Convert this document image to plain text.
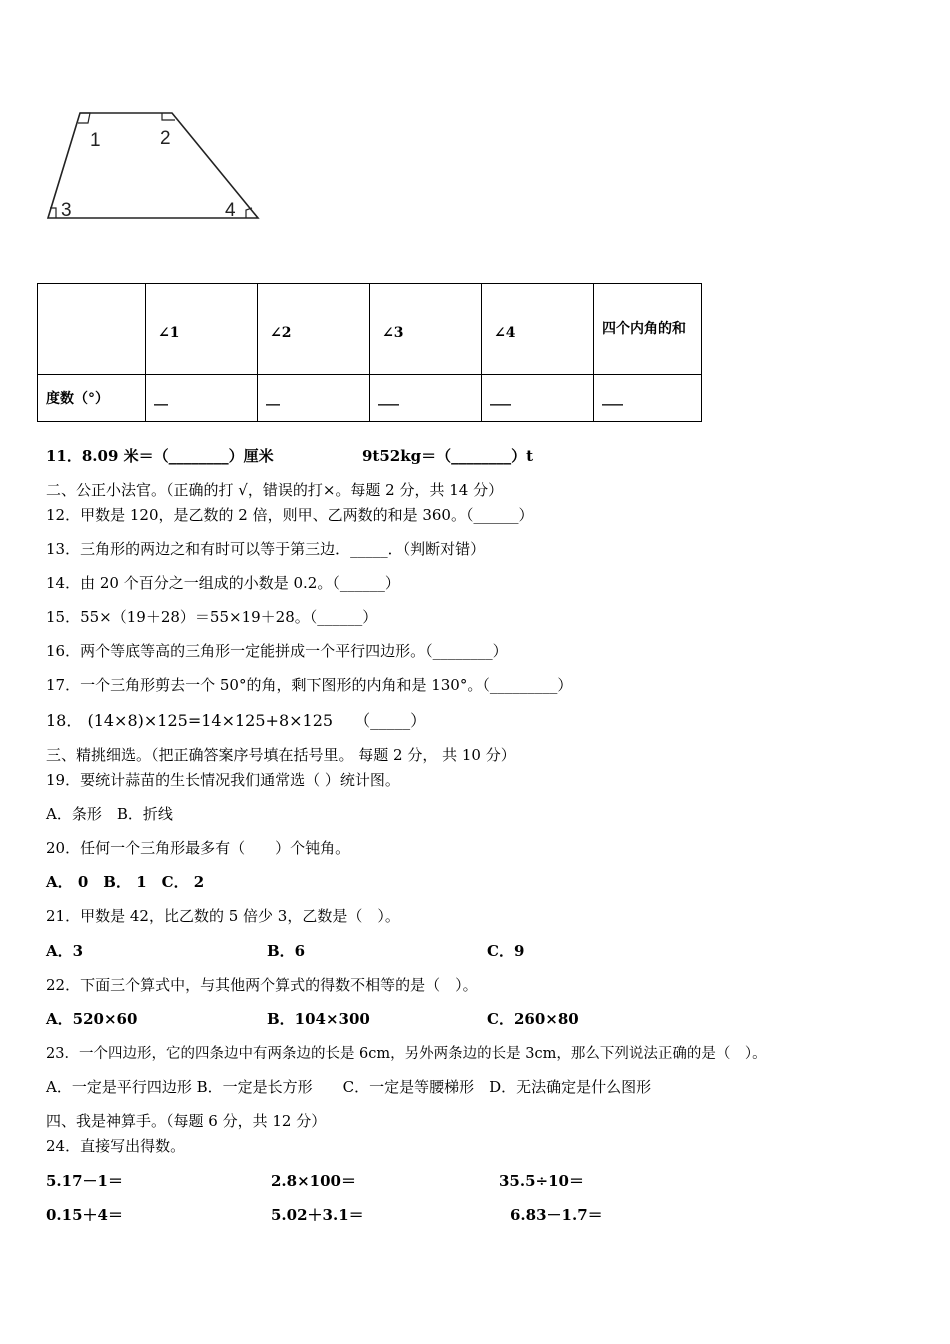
1	2
3	4
	∠1	∠2	∠3	∠4	四个内角的和
度数（°）	__	__	___	___	___
11．8.09 米＝（________）厘米	9t52kg＝（________）t
二、公正小法官。（正确的打 √，错误的打×。每题 2 分，共 14 分）
12．甲数是 120，是乙数的 2 倍，则甲、乙两数的和是 360。（______）
13．三角形的两边之和有时可以等于第三边．_____．（判断对错）
14．由 20 个百分之一组成的小数是 0.2。（______）
15．55×（19＋28）＝55×19＋28。（______）
16．两个等底等高的三角形一定能拼成一个平行四边形。（________）
17．一个三角形剪去一个 50°的角，剩下图形的内角和是 130°。（_________）
18． (14×8)×125=14×125+8×125　 （_____）
三、精挑细选。（把正确答案序号填在括号里。 每题 2 分， 共 10 分）
19．要统计蒜苗的生长情况我们通常选（ ）统计图。
A．条形　B．折线
20．任何一个三角形最多有（　　）个钝角。
A． 0　B． 1　C． 2
21．甲数是 42，比乙数的 5 倍少 3，乙数是（　）。
A．3	B．6	C．9
22．下面三个算式中，与其他两个算式的得数不相等的是（　）。
A．520×60	B．104×300	C．260×80
23．一个四边形，它的四条边中有两条边的长是 6cm，另外两条边的长是 3cm，那么下列说法正确的是（　）。
A．一定是平行四边形 B．一定是长方形　　C．一定是等腰梯形　D．无法确定是什么图形
四、我是神算手。（每题 6 分，共 12 分）
24．直接写出得数。
5.17－1＝	2.8×100＝	35.5÷10＝
0.15＋4＝	5.02＋3.1＝	6.83－1.7＝
